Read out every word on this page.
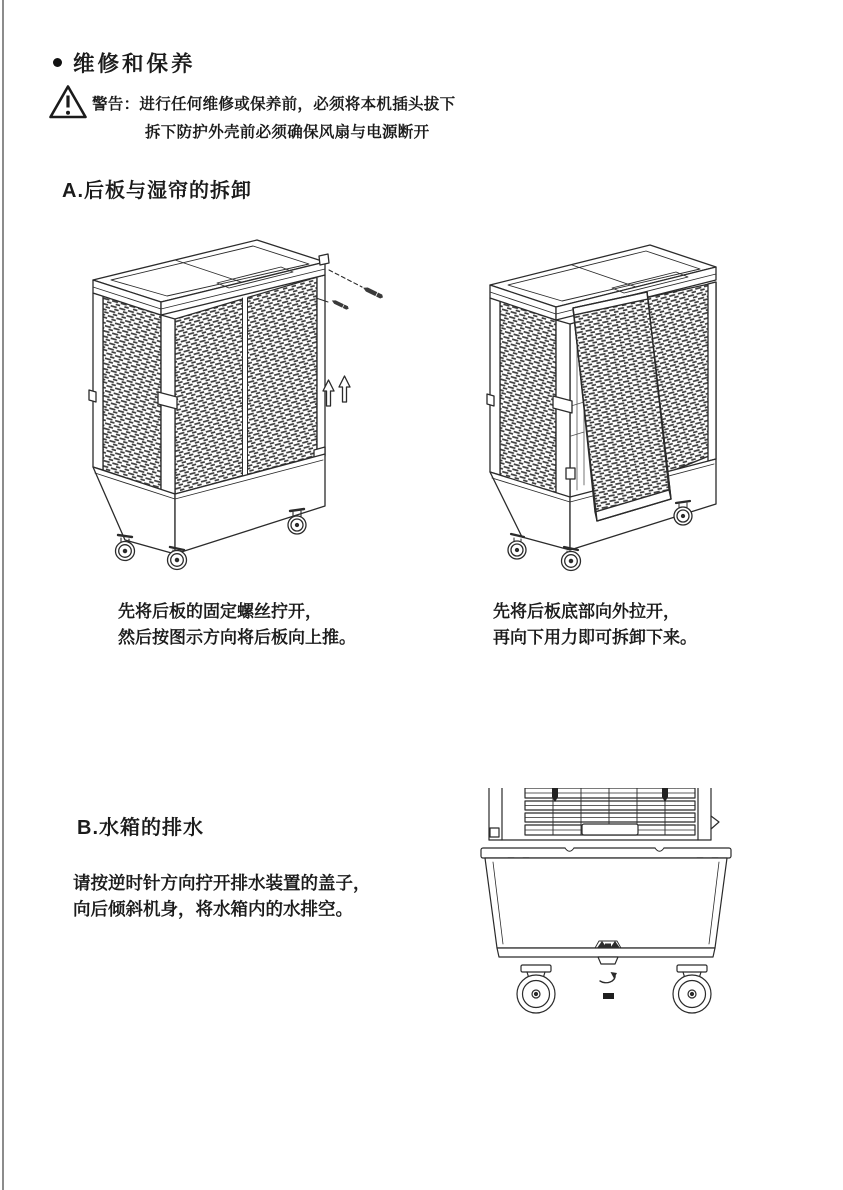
维修和保养
警告：进行任何维修或保养前，必须将本机插头拔下
拆下防护外壳前必须确保风扇与电源断开
A.后板与湿帘的拆卸
先将后板的固定螺丝拧开，
然后按图示方向将后板向上推。
先将后板底部向外拉开，
再向下用力即可拆卸下来。
B.水箱的排水
请按逆时针方向拧开排水装置的盖子，
向后倾斜机身，将水箱内的水排空。
